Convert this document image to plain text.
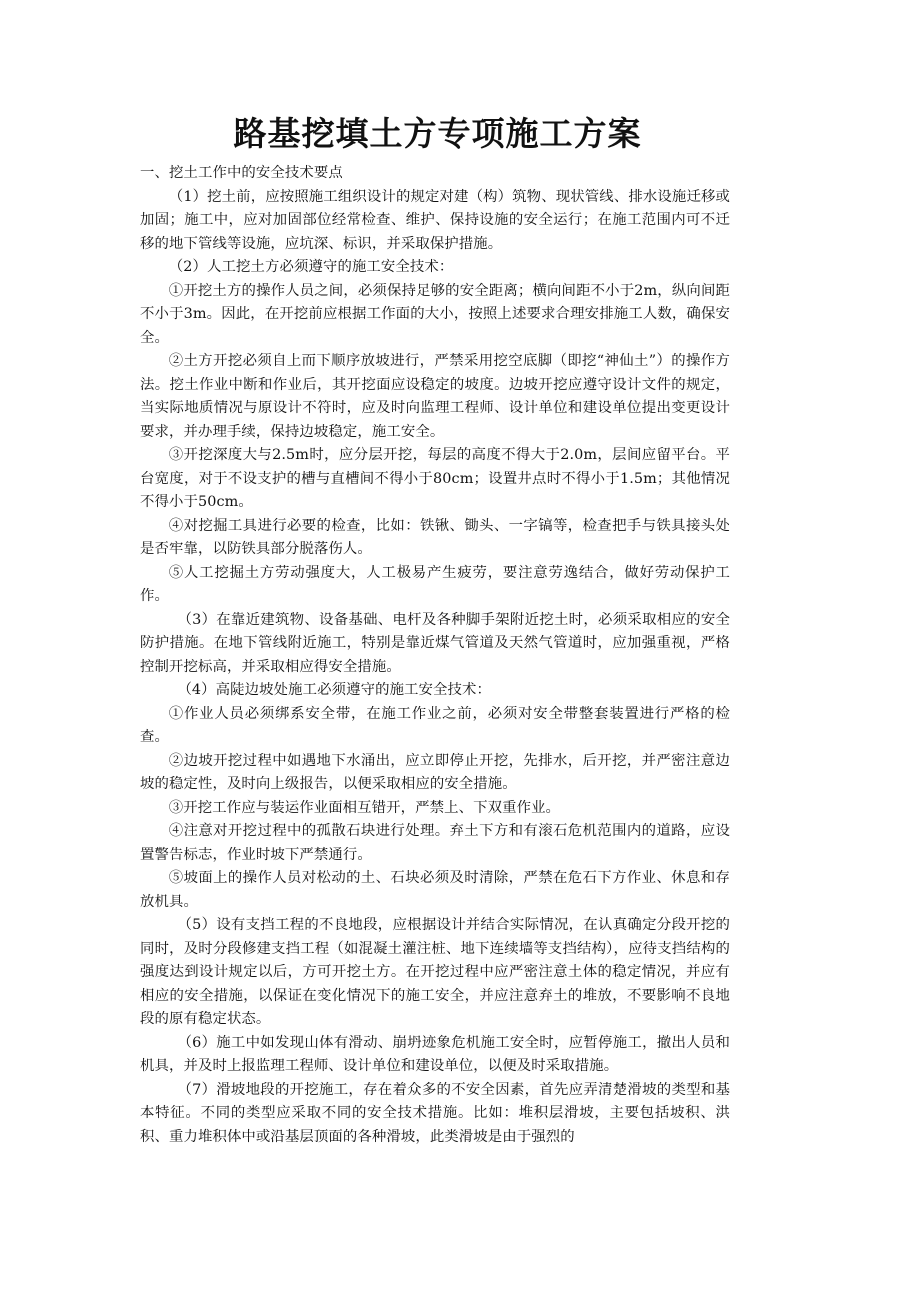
路基挖填土方专项施工方案

一、挖土工作中的安全技术要点

（1）挖土前，应按照施工组织设计的规定对建（构）筑物、现状管线、排水设施迁移或加固；施工中，应对加固部位经常检查、维护、保持设施的安全运行；在施工范围内可不迁移的地下管线等设施，应坑深、标识，并采取保护措施。

（2）人工挖土方必须遵守的施工安全技术：

①开挖土方的操作人员之间，必须保持足够的安全距离；横向间距不小于2m，纵向间距不小于3m。因此，在开挖前应根据工作面的大小，按照上述要求合理安排施工人数，确保安全。

②土方开挖必须自上而下顺序放坡进行，严禁采用挖空底脚（即挖“神仙土”）的操作方法。挖土作业中断和作业后，其开挖面应设稳定的坡度。边坡开挖应遵守设计文件的规定，当实际地质情况与原设计不符时，应及时向监理工程师、设计单位和建设单位提出变更设计要求，并办理手续，保持边坡稳定，施工安全。

③开挖深度大与2.5m时，应分层开挖，每层的高度不得大于2.0m，层间应留平台。平台宽度，对于不设支护的槽与直槽间不得小于80cm；设置井点时不得小于1.5m；其他情况不得小于50cm。

④对挖掘工具进行必要的检查，比如：铁锹、锄头、一字镐等，检查把手与铁具接头处是否牢靠，以防铁具部分脱落伤人。

⑤人工挖掘土方劳动强度大，人工极易产生疲劳，要注意劳逸结合，做好劳动保护工作。

（3）在靠近建筑物、设备基础、电杆及各种脚手架附近挖土时，必须采取相应的安全防护措施。在地下管线附近施工，特别是靠近煤气管道及天然气管道时，应加强重视，严格控制开挖标高，并采取相应得安全措施。

（4）高陡边坡处施工必须遵守的施工安全技术：

①作业人员必须绑系安全带，在施工作业之前，必须对安全带整套装置进行严格的检查。

②边坡开挖过程中如遇地下水涌出，应立即停止开挖，先排水，后开挖，并严密注意边坡的稳定性，及时向上级报告，以便采取相应的安全措施。

③开挖工作应与装运作业面相互错开，严禁上、下双重作业。

④注意对开挖过程中的孤散石块进行处理。弃土下方和有滚石危机范围内的道路，应设置警告标志，作业时坡下严禁通行。

⑤坡面上的操作人员对松动的土、石块必须及时清除，严禁在危石下方作业、休息和存放机具。

（5）设有支挡工程的不良地段，应根据设计并结合实际情况，在认真确定分段开挖的同时，及时分段修建支挡工程（如混凝土灌注桩、地下连续墙等支挡结构），应待支挡结构的强度达到设计规定以后，方可开挖土方。在开挖过程中应严密注意土体的稳定情况，并应有相应的安全措施，以保证在变化情况下的施工安全，并应注意弃土的堆放，不要影响不良地段的原有稳定状态。

（6）施工中如发现山体有滑动、崩坍迹象危机施工安全时，应暂停施工，撤出人员和机具，并及时上报监理工程师、设计单位和建设单位，以便及时采取措施。

（7）滑坡地段的开挖施工，存在着众多的不安全因素，首先应弄清楚滑坡的类型和基本特征。不同的类型应采取不同的安全技术措施。比如：堆积层滑坡，主要包括坡积、洪积、重力堆积体中或沿基层顶面的各种滑坡，此类滑坡是由于强烈的
